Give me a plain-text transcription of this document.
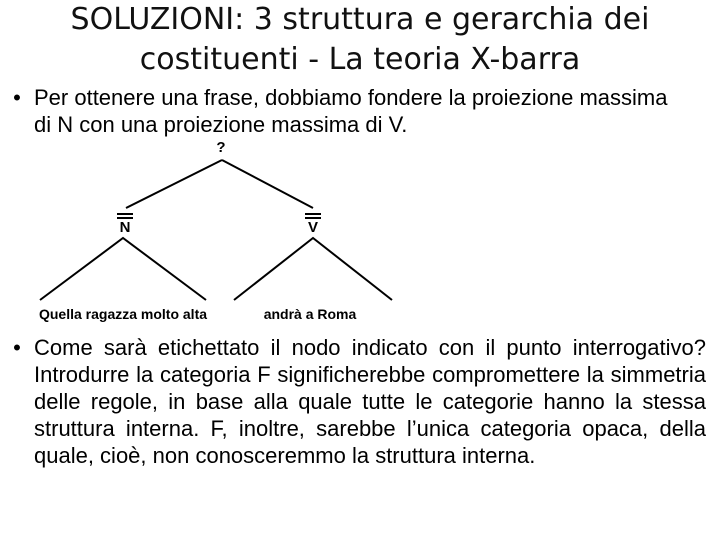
SOLUZIONI: 3 struttura e gerarchia dei
costituenti - La teoria X-barra
• Per ottenere una frase, dobbiamo fondere la proiezione massima di N con una proiezione massima di V.
?
N	V
Quella ragazza molto alta	andrà a Roma
• Come sarà etichettato il nodo indicato con il punto interrogativo? Introdurre la categoria F significherebbe compromettere la simmetria delle regole, in base alla quale tutte le categorie hanno la stessa struttura interna. F, inoltre, sarebbe l’unica categoria opaca, della quale, cioè, non conosceremmo la struttura interna.
